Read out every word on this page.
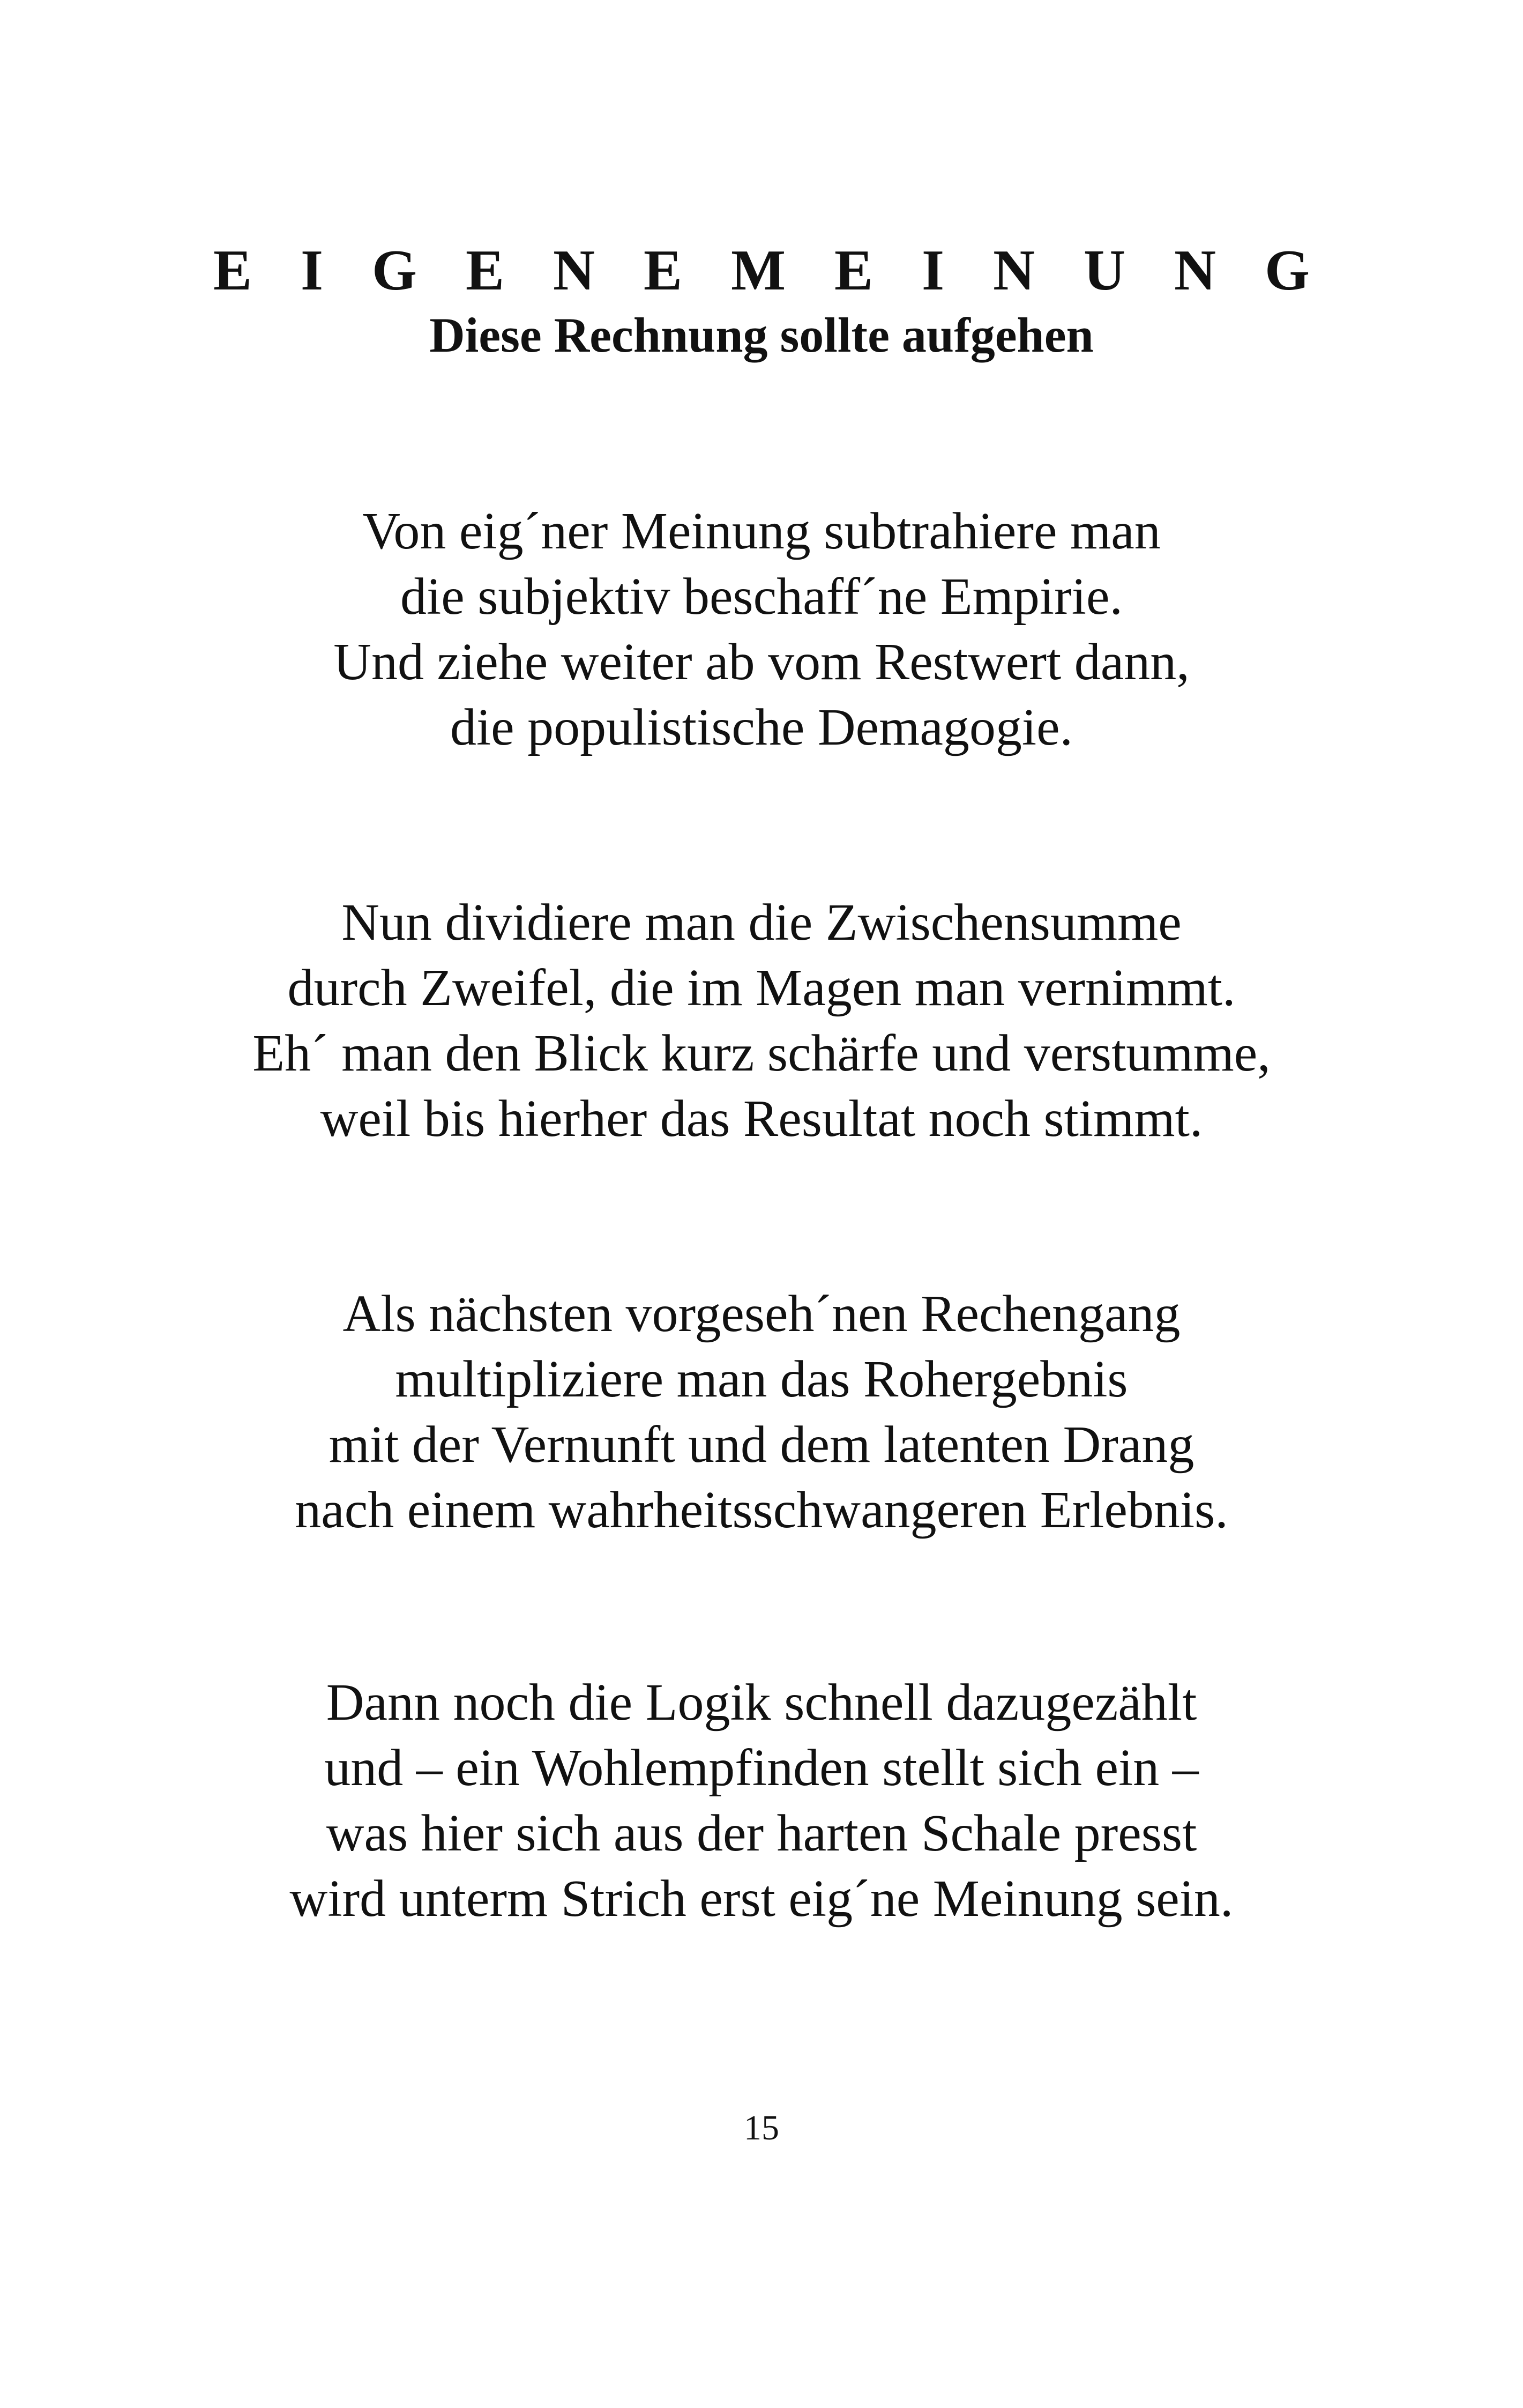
E I G E N E M E I N U N G
Diese Rechnung sollte aufgehen
Von eig´ner Meinung subtrahiere man
die subjektiv beschaff´ne Empirie.
Und ziehe weiter ab vom Restwert dann,
die populistische Demagogie.
Nun dividiere man die Zwischensumme
durch Zweifel, die im Magen man vernimmt.
Eh´ man den Blick kurz schärfe und verstumme,
weil bis hierher das Resultat noch stimmt.
Als nächsten vorgeseh´nen Rechengang
multipliziere man das Rohergebnis
mit der Vernunft und dem latenten Drang
nach einem wahrheitsschwangeren Erlebnis.
Dann noch die Logik schnell dazugezählt
und – ein Wohlempfinden stellt sich ein –
was hier sich aus der harten Schale presst
wird unterm Strich erst eig´ne Meinung sein.
15
